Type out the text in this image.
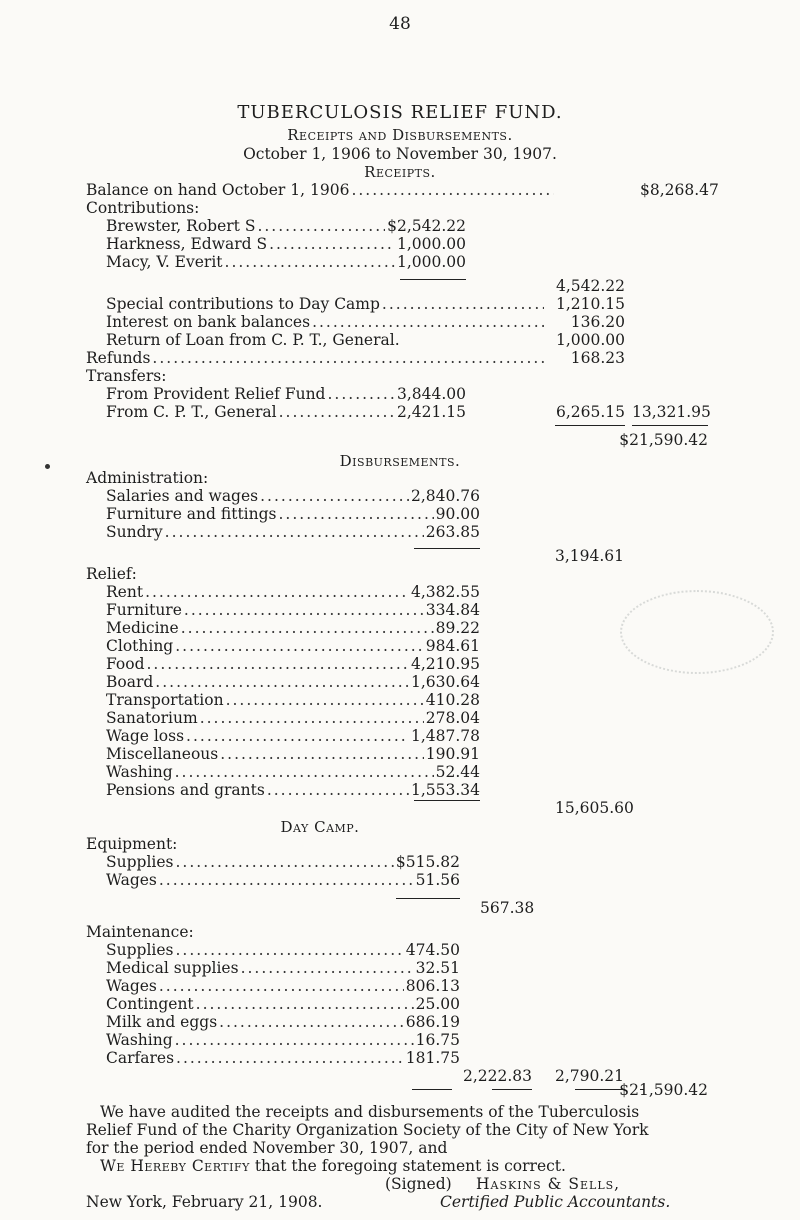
48
TUBERCULOSIS RELIEF FUND.
Receipts and Disbursements.
October 1, 1906 to November 30, 1907.
Receipts.
Balance on hand October 1, 1906 .....	$8,268.47
Contributions:
Brewster, Robert S .....	$2,542.22
Harkness, Edward S .....	1,000.00
Macy, V. Everit .....	1,000.00
4,542.22
Special contributions to Day Camp .....	1,210.15
Interest on bank balances .....	136.20
Return of Loan from C. P. T., General.	1,000.00
Refunds .....	168.23
Transfers:
From Provident Relief Fund .....	3,844.00
From C. P. T., General .....	2,421.15	6,265.15 13,321.95
$21,590.42
Disbursements.
Administration:
Salaries and wages .....	2,840.76
Furniture and fittings .....	90.00
Sundry .....	263.85
3,194.61
Relief:
Rent .....	4,382.55
Furniture .....	334.84
Medicine .....	89.22
Clothing .....	984.61
Food .....	4,210.95
Board .....	1,630.64
Transportation .....	410.28
Sanatorium .....	278.04
Wage loss .....	1,487.78
Miscellaneous .....	190.91
Washing .....	52.44
Pensions and grants .....	1,553.34
15,605.60
Day Camp.
Equipment:
Supplies .....	$515.82
Wages .....	51.56
567.38
Maintenance:
Supplies .....	474.50
Medical supplies .....	32.51
Wages .....	806.13
Contingent .....	25.00
Milk and eggs .....	686.19
Washing .....	16.75
Carfares .....	181.75
2,222.83 2,790.21
$21,590.42
We have audited the receipts and disbursements of the Tuberculosis
Relief Fund of the Charity Organization Society of the City of New York
for the period ended November 30, 1907, and
We Hereby Certify that the foregoing statement is correct.
(Signed) Haskins & Sells,
New York, February 21, 1908.	Certified Public Accountants.
